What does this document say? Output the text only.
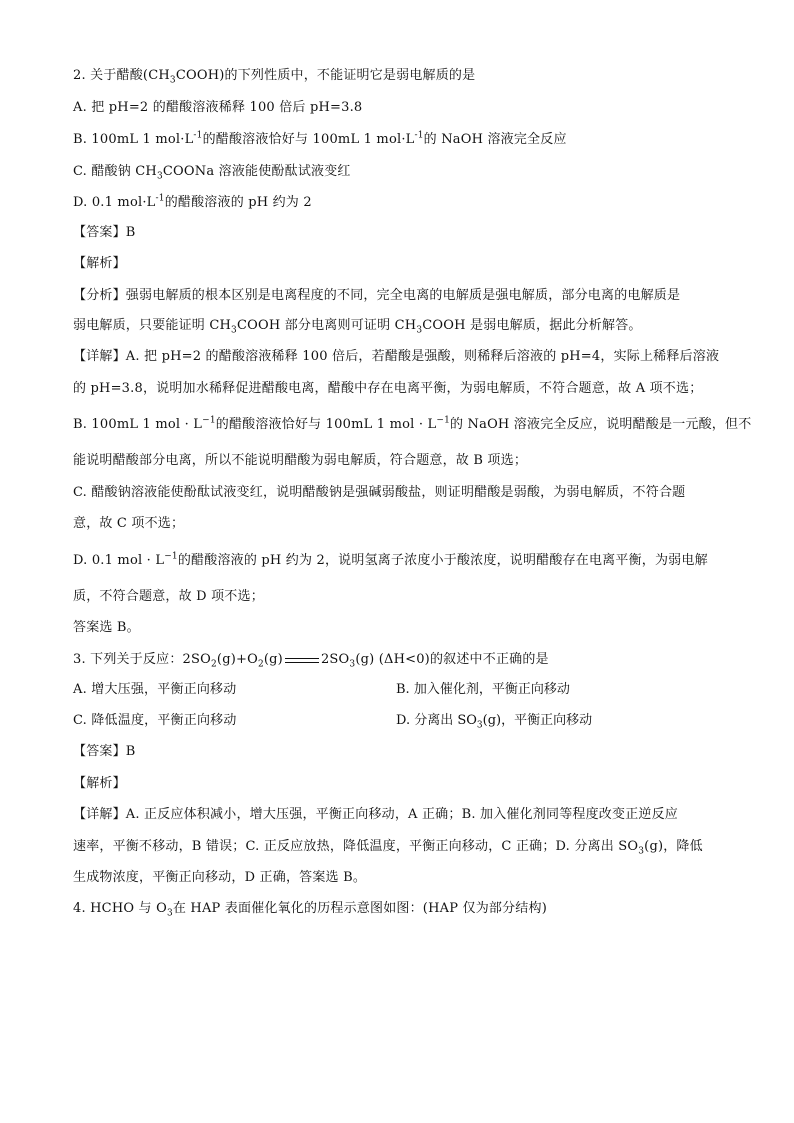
2. 关于醋酸$(CH_3COOH)$的下列性质中，不能证明它是弱电解质的是
A. 把 pH=2 的醋酸溶液稀释 100 倍后 pH=3.8
B. 100mL 1 $mol\cdot L^{-1}$的醋酸溶液恰好与 100mL 1 $mol\cdot L^{-1}$的 NaOH 溶液完全反应
C. 醋酸钠 $CH_3COONa$ 溶液能使酚酞试液变红
D. 0.1 $mol\cdot L^{-1}$的醋酸溶液的 pH 约为 2
【答案】B
【解析】
【分析】强弱电解质的根本区别是电离程度的不同，完全电离的电解质是强电解质，部分电离的电解质是
弱电解质，只要能证明 $CH_3COOH$ 部分电离则可证明 $CH_3COOH$ 是弱电解质，据此分析解答。
【详解】A. 把 pH=2 的醋酸溶液稀释 100 倍后，若醋酸是强酸，则稀释后溶液的 pH=4，实际上稀释后溶液
的 pH=3.8，说明加水稀释促进醋酸电离，醋酸中存在电离平衡，为弱电解质，不符合题意，故 A 项不选；
B. 100mL 1 mol · $L^{-1}$的醋酸溶液恰好与 100mL 1 mol · $L^{-1}$的 NaOH 溶液完全反应，说明醋酸是一元酸，但不
能说明醋酸部分电离，所以不能说明醋酸为弱电解质，符合题意，故 B 项选；
C. 醋酸钠溶液能使酚酞试液变红，说明醋酸钠是强碱弱酸盐，则证明醋酸是弱酸，为弱电解质，不符合题
意，故 C 项不选；
D. 0.1 mol · $L^{-1}$的醋酸溶液的 pH 约为 2，说明氢离子浓度小于酸浓度，说明醋酸存在电离平衡，为弱电解
质，不符合题意，故 D 项不选；
答案选 B。
3. 下列关于反应：$2SO_2(g)+O_2(g)$	$2SO_3(g)$ (ΔH<0)的叙述中不正确的是
A. 增大压强，平衡正向移动	B. 加入催化剂，平衡正向移动
C. 降低温度，平衡正向移动	D. 分离出 $SO_3(g)$，平衡正向移动
【答案】B
【解析】
【详解】A. 正反应体积减小，增大压强，平衡正向移动，A 正确；B. 加入催化剂同等程度改变正逆反应
速率，平衡不移动，B 错误；C. 正反应放热，降低温度，平衡正向移动，C 正确；D. 分离出 $SO_3(g)$，降低
生成物浓度，平衡正向移动，D 正确，答案选 B。
4. HCHO 与 $O_3$在 HAP 表面催化氧化的历程示意图如图：(HAP 仅为部分结构)
